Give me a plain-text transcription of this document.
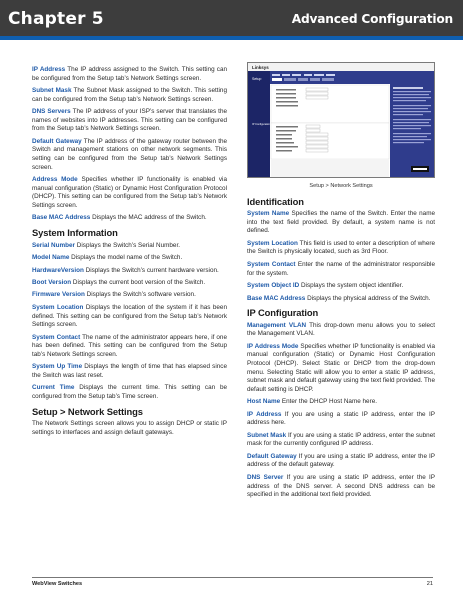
Chapter 5	Advanced Configuration

IP Address The IP address assigned to the Switch. This setting can be configured from the Setup tab’s Network Settings screen.

Subnet Mask The Subnet Mask assigned to the Switch. This setting can be configured from the Setup tab’s Network Settings screen.

DNS Servers The IP address of your ISP’s server that translates the names of websites into IP addresses. This setting can be configured from the Setup tab’s Network Settings screen.

Default Gateway The IP address of the gateway router between the Switch and management stations on other network segments. This setting can be configured from the Setup tab’s Network Settings screen.

Address Mode Specifies whether IP functionality is enabled via manual configuration (Static) or Dynamic Host Configuration Protocol (DHCP). This setting can be configured from the Setup tab’s Network Settings screen.

Base MAC Address Displays the MAC address of the Switch.

System Information

Serial Number Displays the Switch’s Serial Number.

Model Name Displays the model name of the Switch.

HardwareVersion Displays the Switch’s current hardware version.

Boot Version Displays the current boot version of the Switch.

Firmware Version Displays the Switch’s software version.

System Location Displays the location of the system if it has been defined. This setting can be configured from the Setup tab’s Network Settings screen.

System Contact The name of the administrator appears here, if one has been defined. This setting can be configured from the Setup tab’s Network Settings screen.

System Up Time Displays the length of time that has elapsed since the Switch was last reset.

Current Time Displays the current time. This setting can be configured from the Setup tab’s Time screen.

Setup > Network Settings

The Network Settings screen allows you to assign DHCP or static IP settings to interfaces and assign default gateways.

Linksys
Setup
IP Configuration
Setup > Network Settings
Identification

System Name Specifies the name of the Switch. Enter the name into the text field provided. By default, a system name is not defined.

System Location This field is used to enter a description of where the Switch is physically located, such as 3rd Floor.

System Contact Enter the name of the administrator responsible for the system.

System Object ID Displays the system object identifier.

Base MAC Address Displays the physical address of the Switch.

IP Configuration

Management VLAN This drop-down menu allows you to select the Management VLAN.

IP Address Mode Specifies whether IP functionality is enabled via manual configuration (Static) or Dynamic Host Configuration Protocol (DHCP). Select Static or DHCP from the drop-down menu. Selecting Static will allow you to enter a static IP address, subnet mask and default gateway using the text field provided. The default setting is DHCP.

Host Name Enter the DHCP Host Name here.

IP Address If you are using a static IP address, enter the IP address here.

Subnet Mask If you are using a static IP address, enter the subnet mask for the currently configured IP address.

Default Gateway If you are using a static IP address, enter the IP address of the default gateway.

DNS Server If you are using a static IP address, enter the IP address of the DNS server. A second DNS address can be specified in the additional text field provided.

WebView Switches	21
